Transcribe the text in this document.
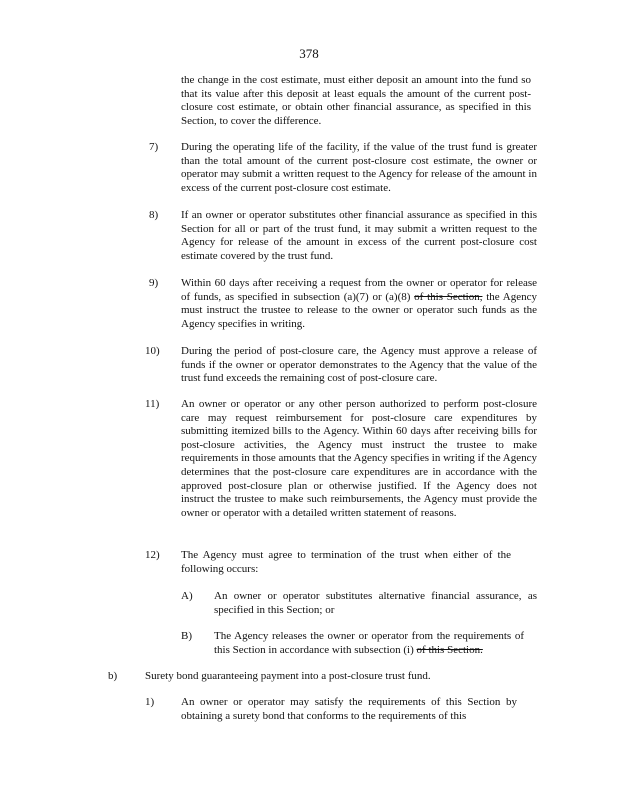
378

the change in the cost estimate, must either deposit an amount into the fund so that its value after this deposit at least equals the amount of the current post-closure cost estimate, or obtain other financial assurance, as specified in this Section, to cover the difference.

7) During the operating life of the facility, if the value of the trust fund is greater than the total amount of the current post-closure cost estimate, the owner or operator may submit a written request to the Agency for release of the amount in excess of the current post-closure cost estimate.

8) If an owner or operator substitutes other financial assurance as specified in this Section for all or part of the trust fund, it may submit a written request to the Agency for release of the amount in excess of the current post-closure cost estimate covered by the trust fund.

9) Within 60 days after receiving a request from the owner or operator for release of funds, as specified in subsection (a)(7) or (a)(8) of this Section, the Agency must instruct the trustee to release to the owner or operator such funds as the Agency specifies in writing.

10) During the period of post-closure care, the Agency must approve a release of funds if the owner or operator demonstrates to the Agency that the value of the trust fund exceeds the remaining cost of post-closure care.

11) An owner or operator or any other person authorized to perform post-closure care may request reimbursement for post-closure care expenditures by submitting itemized bills to the Agency. Within 60 days after receiving bills for post-closure activities, the Agency must instruct the trustee to make requirements in those amounts that the Agency specifies in writing if the Agency determines that the post-closure care expenditures are in accordance with the approved post-closure plan or otherwise justified. If the Agency does not instruct the trustee to make such reimbursements, the Agency must provide the owner or operator with a detailed written statement of reasons.

12) The Agency must agree to termination of the trust when either of the following occurs:

A) An owner or operator substitutes alternative financial assurance, as specified in this Section; or

B) The Agency releases the owner or operator from the requirements of this Section in accordance with subsection (i) of this Section.

b)	Surety bond guaranteeing payment into a post-closure trust fund.

1) An owner or operator may satisfy the requirements of this Section by obtaining a surety bond that conforms to the requirements of this
